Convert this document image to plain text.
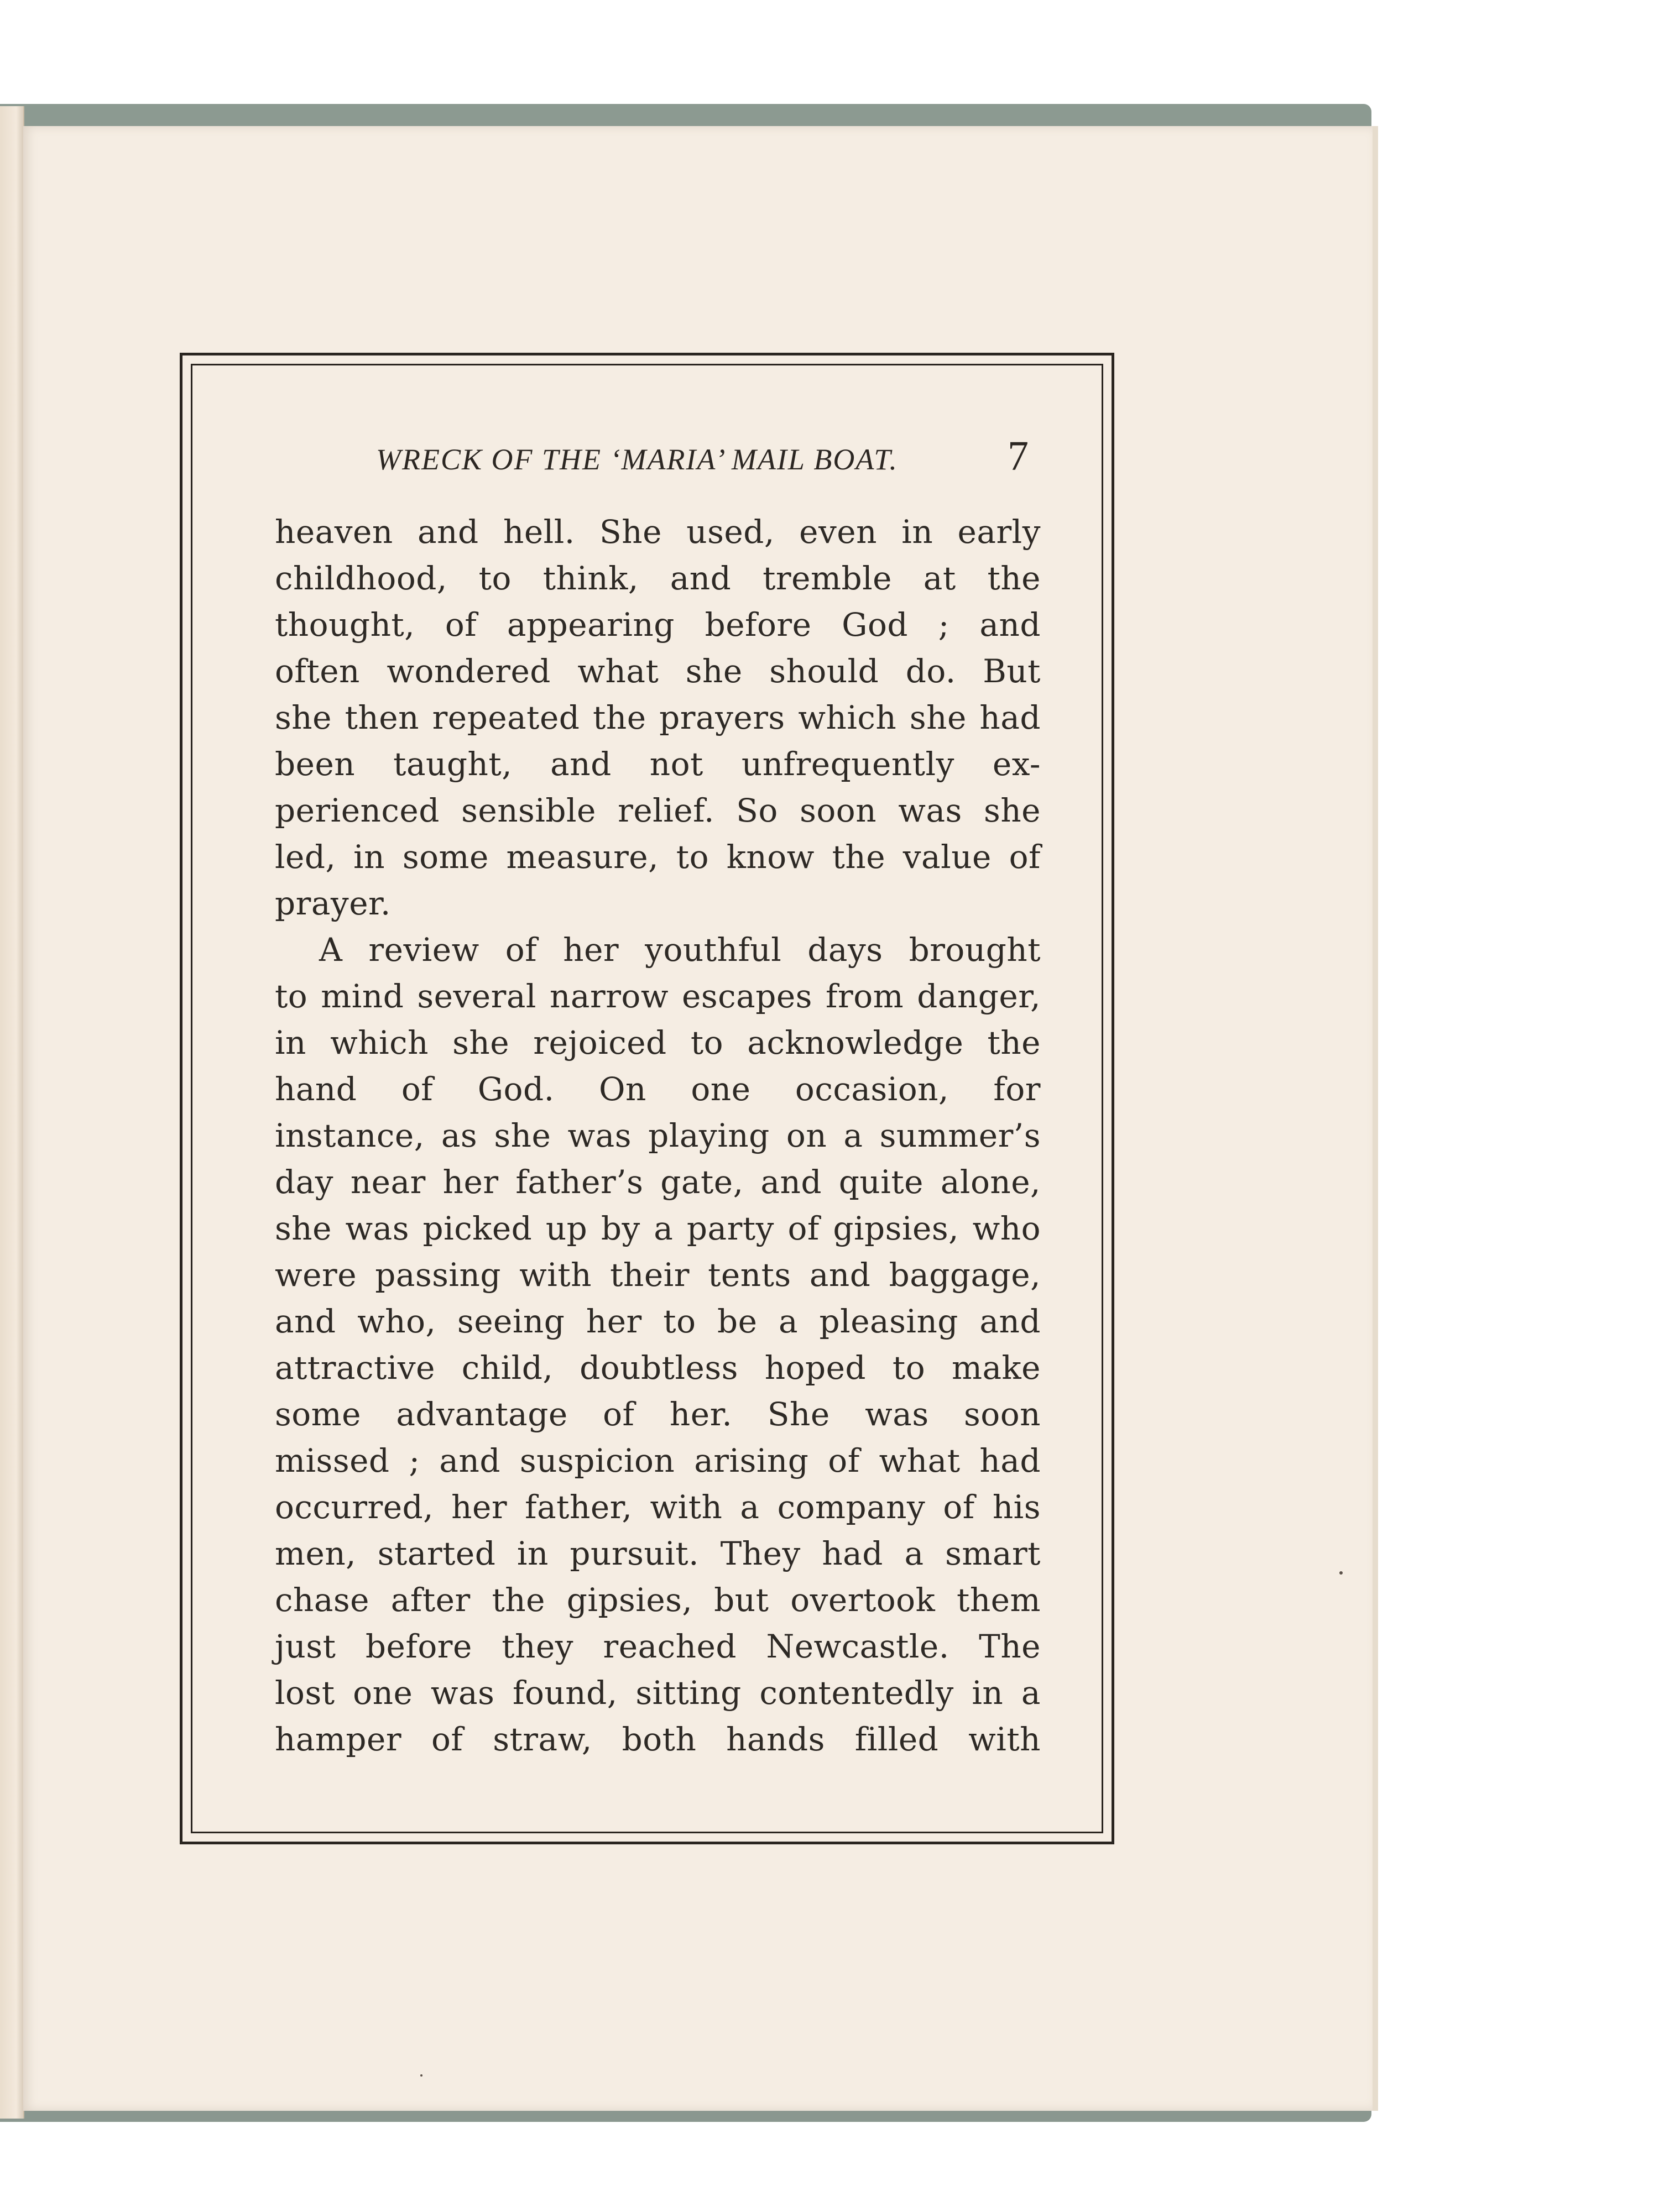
WRECK OF THE ‘MARIA’ MAIL BOAT.	7
heaven and hell. She used, even in early
childhood, to think, and tremble at the
thought, of appearing before God ; and
often wondered what she should do. But
she then repeated the prayers which she had
been taught, and not unfrequently ex-
perienced sensible relief. So soon was she
led, in some measure, to know the value of
prayer.
A review of her youthful days brought
to mind several narrow escapes from danger,
in which she rejoiced to acknowledge the
hand of God. On one occasion, for
instance, as she was playing on a summer’s
day near her father’s gate, and quite alone,
she was picked up by a party of gipsies, who
were passing with their tents and baggage,
and who, seeing her to be a pleasing and
attractive child, doubtless hoped to make
some advantage of her. She was soon
missed ; and suspicion arising of what had
occurred, her father, with a company of his
men, started in pursuit. They had a smart
chase after the gipsies, but overtook them
just before they reached Newcastle. The
lost one was found, sitting contentedly in a
hamper of straw, both hands filled with
